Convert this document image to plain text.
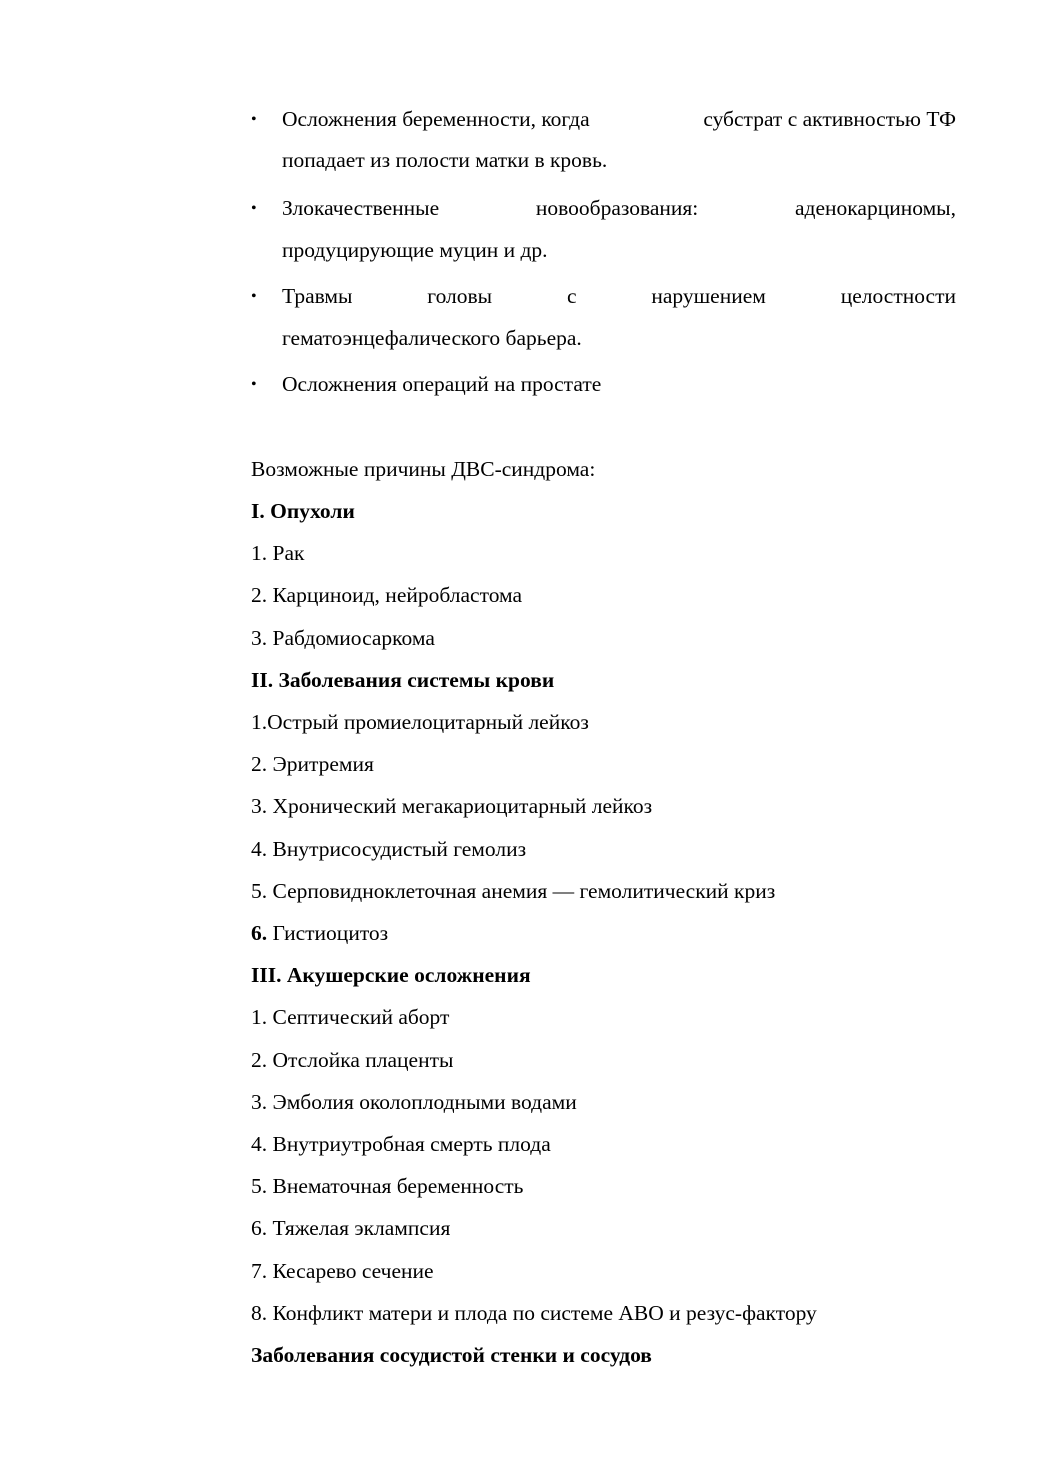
• Осложнения беременности, когда	субстрат с активностью ТФ
попадает из полости матки в кровь.
• Злокачественные	новообразования:	аденокарциномы,
продуцирующие муцин и др.
• Травмы	головы	с	нарушением	целостности
гематоэнцефалического барьера.
• Осложнения операций на простате
Возможные причины ДВС-синдрома:
I. Опухоли
1. Рак
2. Карциноид, нейробластома
3. Рабдомиосаркома
II. Заболевания системы крови
1.Острый промиелоцитарный лейкоз
2. Эритремия
3. Хронический мегакариоцитарный лейкоз
4. Внутрисосудистый гемолиз
5. Серповидноклеточная анемия — гемолитический криз
6. Гистиоцитоз
III. Акушерские осложнения
1. Септический аборт
2. Отслойка плаценты
3. Эмболия околоплодными водами
4. Внутриутробная смерть плода
5. Внематочная беременность
6. Тяжелая эклампсия
7. Кесарево сечение
8. Конфликт матери и плода по системе АВО и резус-фактору
Заболевания сосудистой стенки и сосудов
